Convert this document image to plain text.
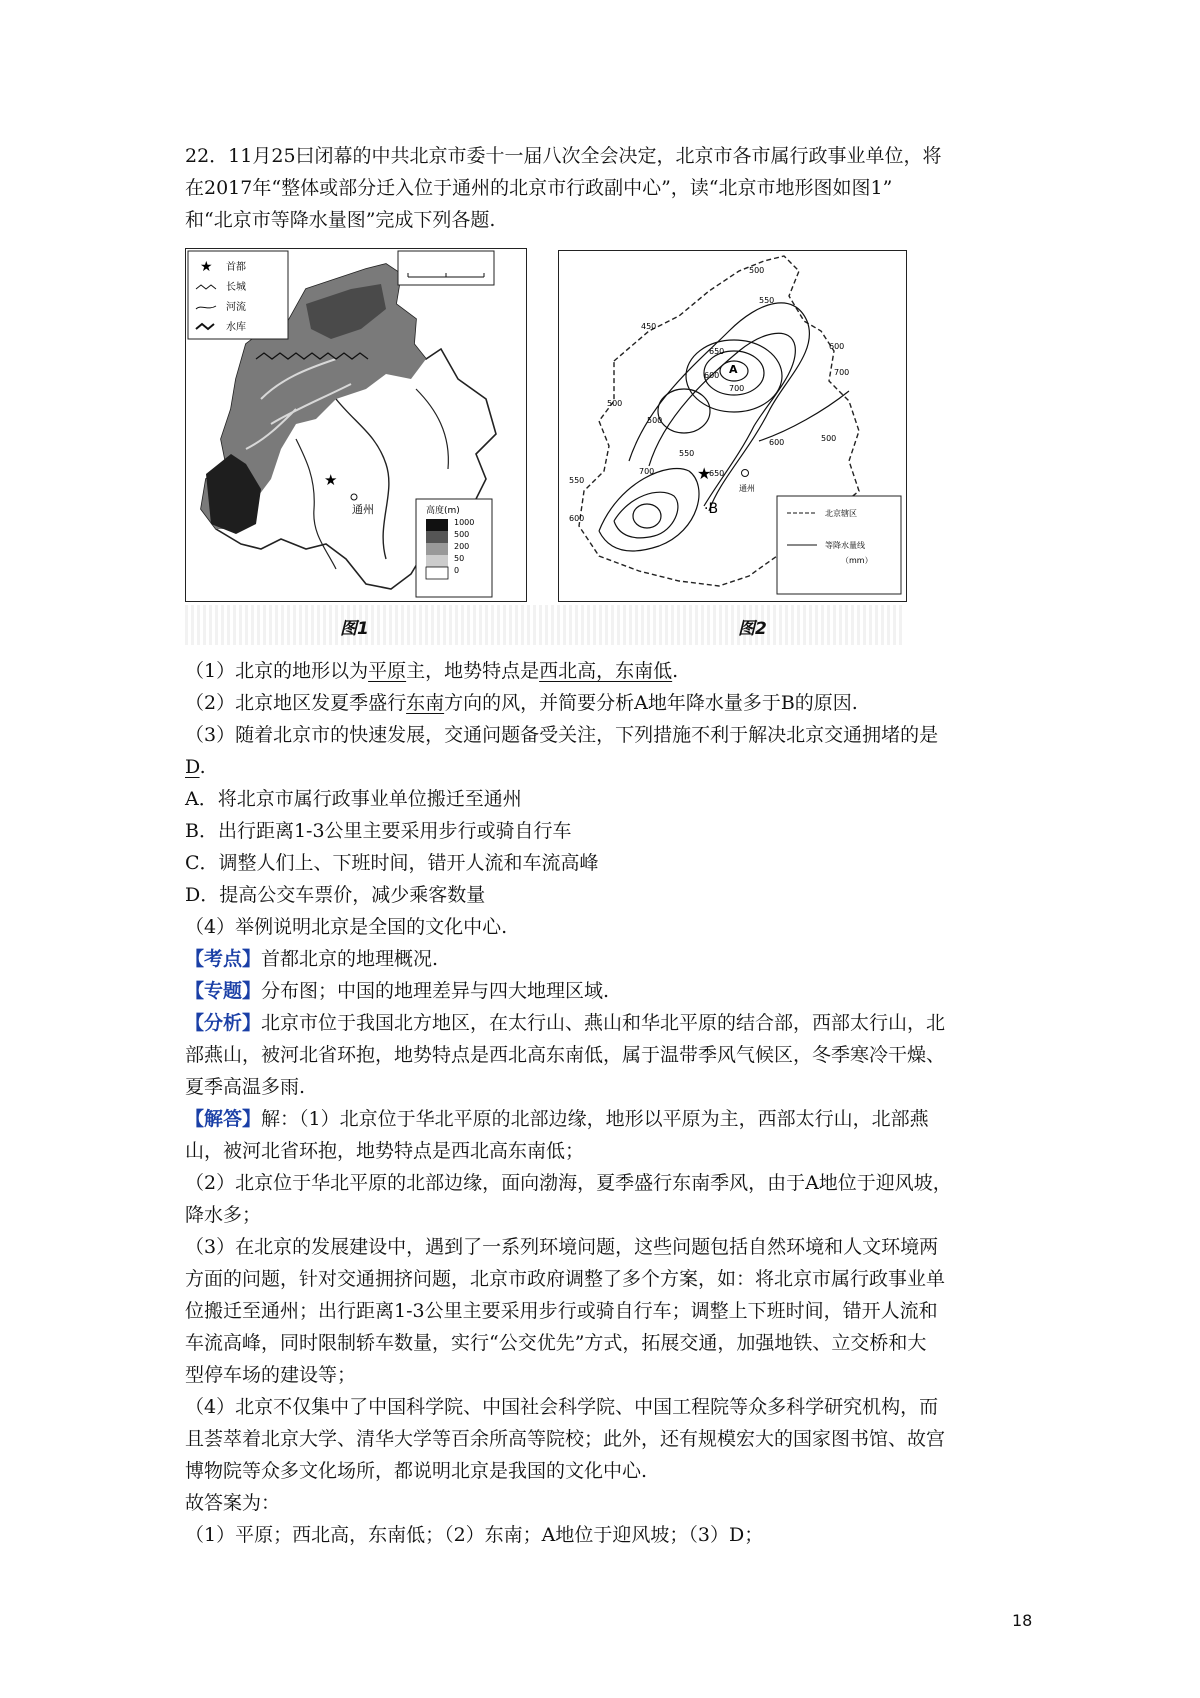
22．11月25曰闭幕的中共北京市委十一届八次全会决定，北京市各市属行政事业单位，将
在2017年“整体或部分迁入位于通州的北京市行政副中心”，读“北京市地形图如图1”
和“北京市等降水量图”完成下列各题.
★ 首都
长城
河流
水库
★
通州	高度(m)
1000
500
200
50
0
500
550
450
650
600
700
500
500
600
700
600
550
650
700
600
550
500
A
★
通州
·B	北京辖区
等降水量线
（mm）
图1	图2
（1）北京的地形以为平原主，地势特点是西北高，东南低.
（2）北京地区发夏季盛行东南方向的风，并简要分析A地年降水量多于B的原因.
（3）随着北京市的快速发展，交通问题备受关注，下列措施不利于解决北京交通拥堵的是
D.
A．将北京市属行政事业单位搬迁至通州
B．出行距离1-3公里主要采用步行或骑自行车
C．调整人们上、下班时间，错开人流和车流高峰
D．提高公交车票价，减少乘客数量
（4）举例说明北京是全国的文化中心.
【考点】首都北京的地理概况.
【专题】分布图；中国的地理差异与四大地理区域.
【分析】北京市位于我国北方地区，在太行山、燕山和华北平原的结合部，西部太行山，北
部燕山，被河北省环抱，地势特点是西北高东南低，属于温带季风气候区，冬季寒冷干燥、
夏季高温多雨.
【解答】解：（1）北京位于华北平原的北部边缘，地形以平原为主，西部太行山，北部燕
山，被河北省环抱，地势特点是西北高东南低；
（2）北京位于华北平原的北部边缘，面向渤海，夏季盛行东南季风，由于A地位于迎风坡，
降水多；
（3）在北京的发展建设中，遇到了一系列环境问题，这些问题包括自然环境和人文环境两
方面的问题，针对交通拥挤问题，北京市政府调整了多个方案，如：将北京市属行政事业单
位搬迁至通州；出行距离1-3公里主要采用步行或骑自行车；调整上下班时间，错开人流和
车流高峰，同时限制轿车数量，实行“公交优先”方式，拓展交通，加强地铁、立交桥和大
型停车场的建设等；
（4）北京不仅集中了中国科学院、中国社会科学院、中国工程院等众多科学研究机构，而
且荟萃着北京大学、清华大学等百余所高等院校；此外，还有规模宏大的国家图书馆、故宫
博物院等众多文化场所，都说明北京是我国的文化中心.
故答案为：
（1）平原；西北高，东南低；（2）东南；A地位于迎风坡；（3）D；
18
